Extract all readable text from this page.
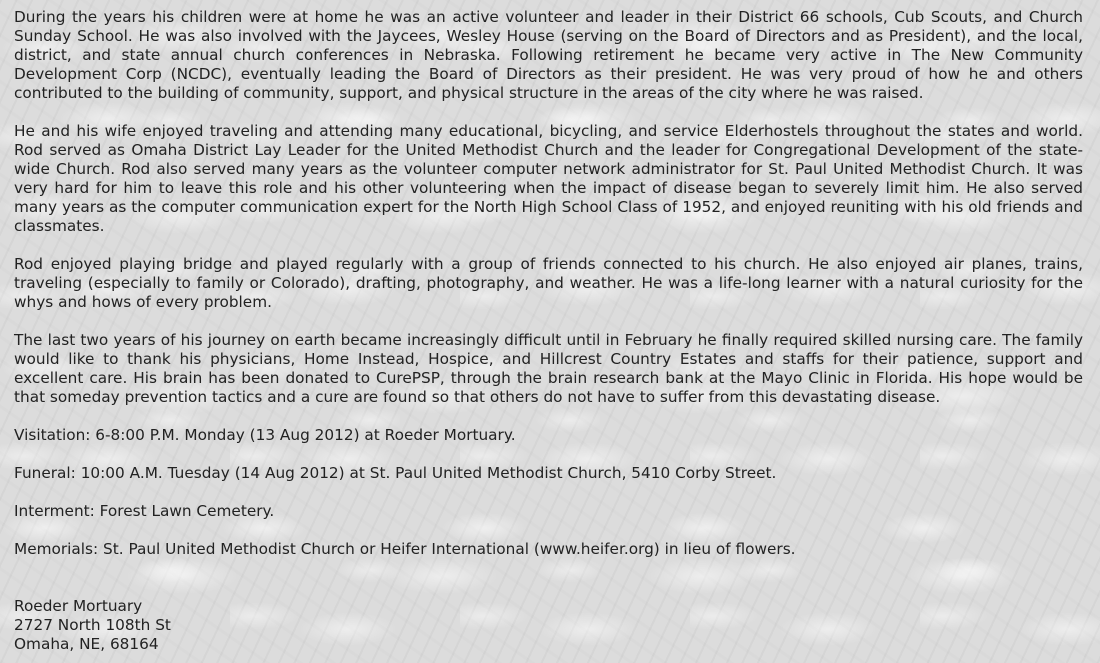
During the years his children were at home he was an active volunteer and leader in their District 66 schools, Cub Scouts, and Church Sunday School. He was also involved with the Jaycees, Wesley House (serving on the Board of Directors and as President), and the local, district, and state annual church conferences in Nebraska. Following retirement he became very active in The New Community Development Corp (NCDC), eventually leading the Board of Directors as their president. He was very proud of how he and others contributed to the building of community, support, and physical structure in the areas of the city where he was raised.

He and his wife enjoyed traveling and attending many educational, bicycling, and service Elderhostels throughout the states and world. Rod served as Omaha District Lay Leader for the United Methodist Church and the leader for Congregational Development of the state-wide Church. Rod also served many years as the volunteer computer network administrator for St. Paul United Methodist Church. It was very hard for him to leave this role and his other volunteering when the impact of disease began to severely limit him. He also served many years as the computer communication expert for the North High School Class of 1952, and enjoyed reuniting with his old friends and classmates.

Rod enjoyed playing bridge and played regularly with a group of friends connected to his church. He also enjoyed air planes, trains, traveling (especially to family or Colorado), drafting, photography, and weather. He was a life-long learner with a natural curiosity for the whys and hows of every problem.

The last two years of his journey on earth became increasingly difficult until in February he finally required skilled nursing care. The family would like to thank his physicians, Home Instead, Hospice, and Hillcrest Country Estates and staffs for their patience, support and excellent care. His brain has been donated to CurePSP, through the brain research bank at the Mayo Clinic in Florida. His hope would be that someday prevention tactics and a cure are found so that others do not have to suffer from this devastating disease.

Visitation: 6-8:00 P.M. Monday (13 Aug 2012) at Roeder Mortuary.

Funeral: 10:00 A.M. Tuesday (14 Aug 2012) at St. Paul United Methodist Church, 5410 Corby Street.

Interment: Forest Lawn Cemetery.

Memorials: St. Paul United Methodist Church or Heifer International (www.heifer.org) in lieu of flowers.

Roeder Mortuary
2727 North 108th St
Omaha, NE, 68164
